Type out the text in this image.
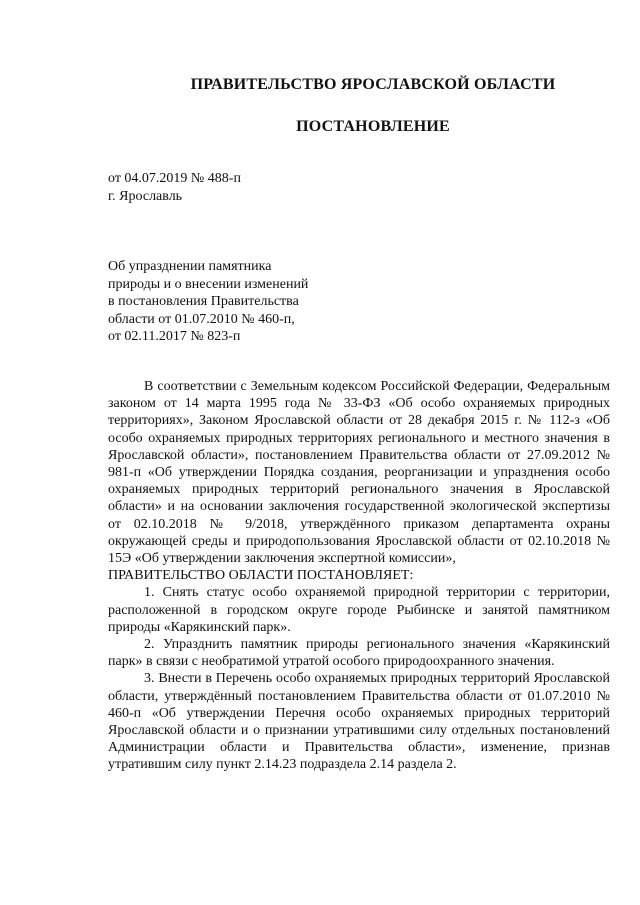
ПРАВИТЕЛЬСТВО ЯРОСЛАВСКОЙ ОБЛАСТИ
ПОСТАНОВЛЕНИЕ
от 04.07.2019 № 488-п
г. Ярославль
Об упразднении памятника
природы и о внесении изменений
в постановления Правительства
области от 01.07.2010 № 460-п,
от 02.11.2017 № 823-п

В соответствии с Земельным кодексом Российской Федерации, Федеральным законом от 14 марта 1995 года № 33-ФЗ «Об особо охраняемых природных территориях», Законом Ярославской области от 28 декабря 2015 г. № 112-з «Об особо охраняемых природных территориях регионального и местного значения в Ярославской области», постановлением Правительства области от 27.09.2012 № 981-п «Об утверждении Порядка создания, реорганизации и упразднения особо охраняемых природных территорий регионального значения в Ярославской области» и на основании заключения государственной экологической экспертизы от 02.10.2018 № 9/2018, утверждённого приказом департамента охраны окружающей среды и природопользования Ярославской области от 02.10.2018 № 15Э «Об утверждении заключения экспертной комиссии»,

ПРАВИТЕЛЬСТВО ОБЛАСТИ ПОСТАНОВЛЯЕТ:

1. Снять статус особо охраняемой природной территории с территории, расположенной в городском округе городе Рыбинске и занятой памятником природы «Карякинский парк».

2. Упразднить памятник природы регионального значения «Карякинский парк» в связи с необратимой утратой особого природоохранного значения.

3. Внести в Перечень особо охраняемых природных территорий Ярославской области, утверждённый постановлением Правительства области от 01.07.2010 № 460-п «Об утверждении Перечня особо охраняемых природных территорий Ярославской области и о признании утратившими силу отдельных постановлений Администрации области и Правительства области», изменение, признав утратившим силу пункт 2.14.23 подраздела 2.14 раздела 2.
